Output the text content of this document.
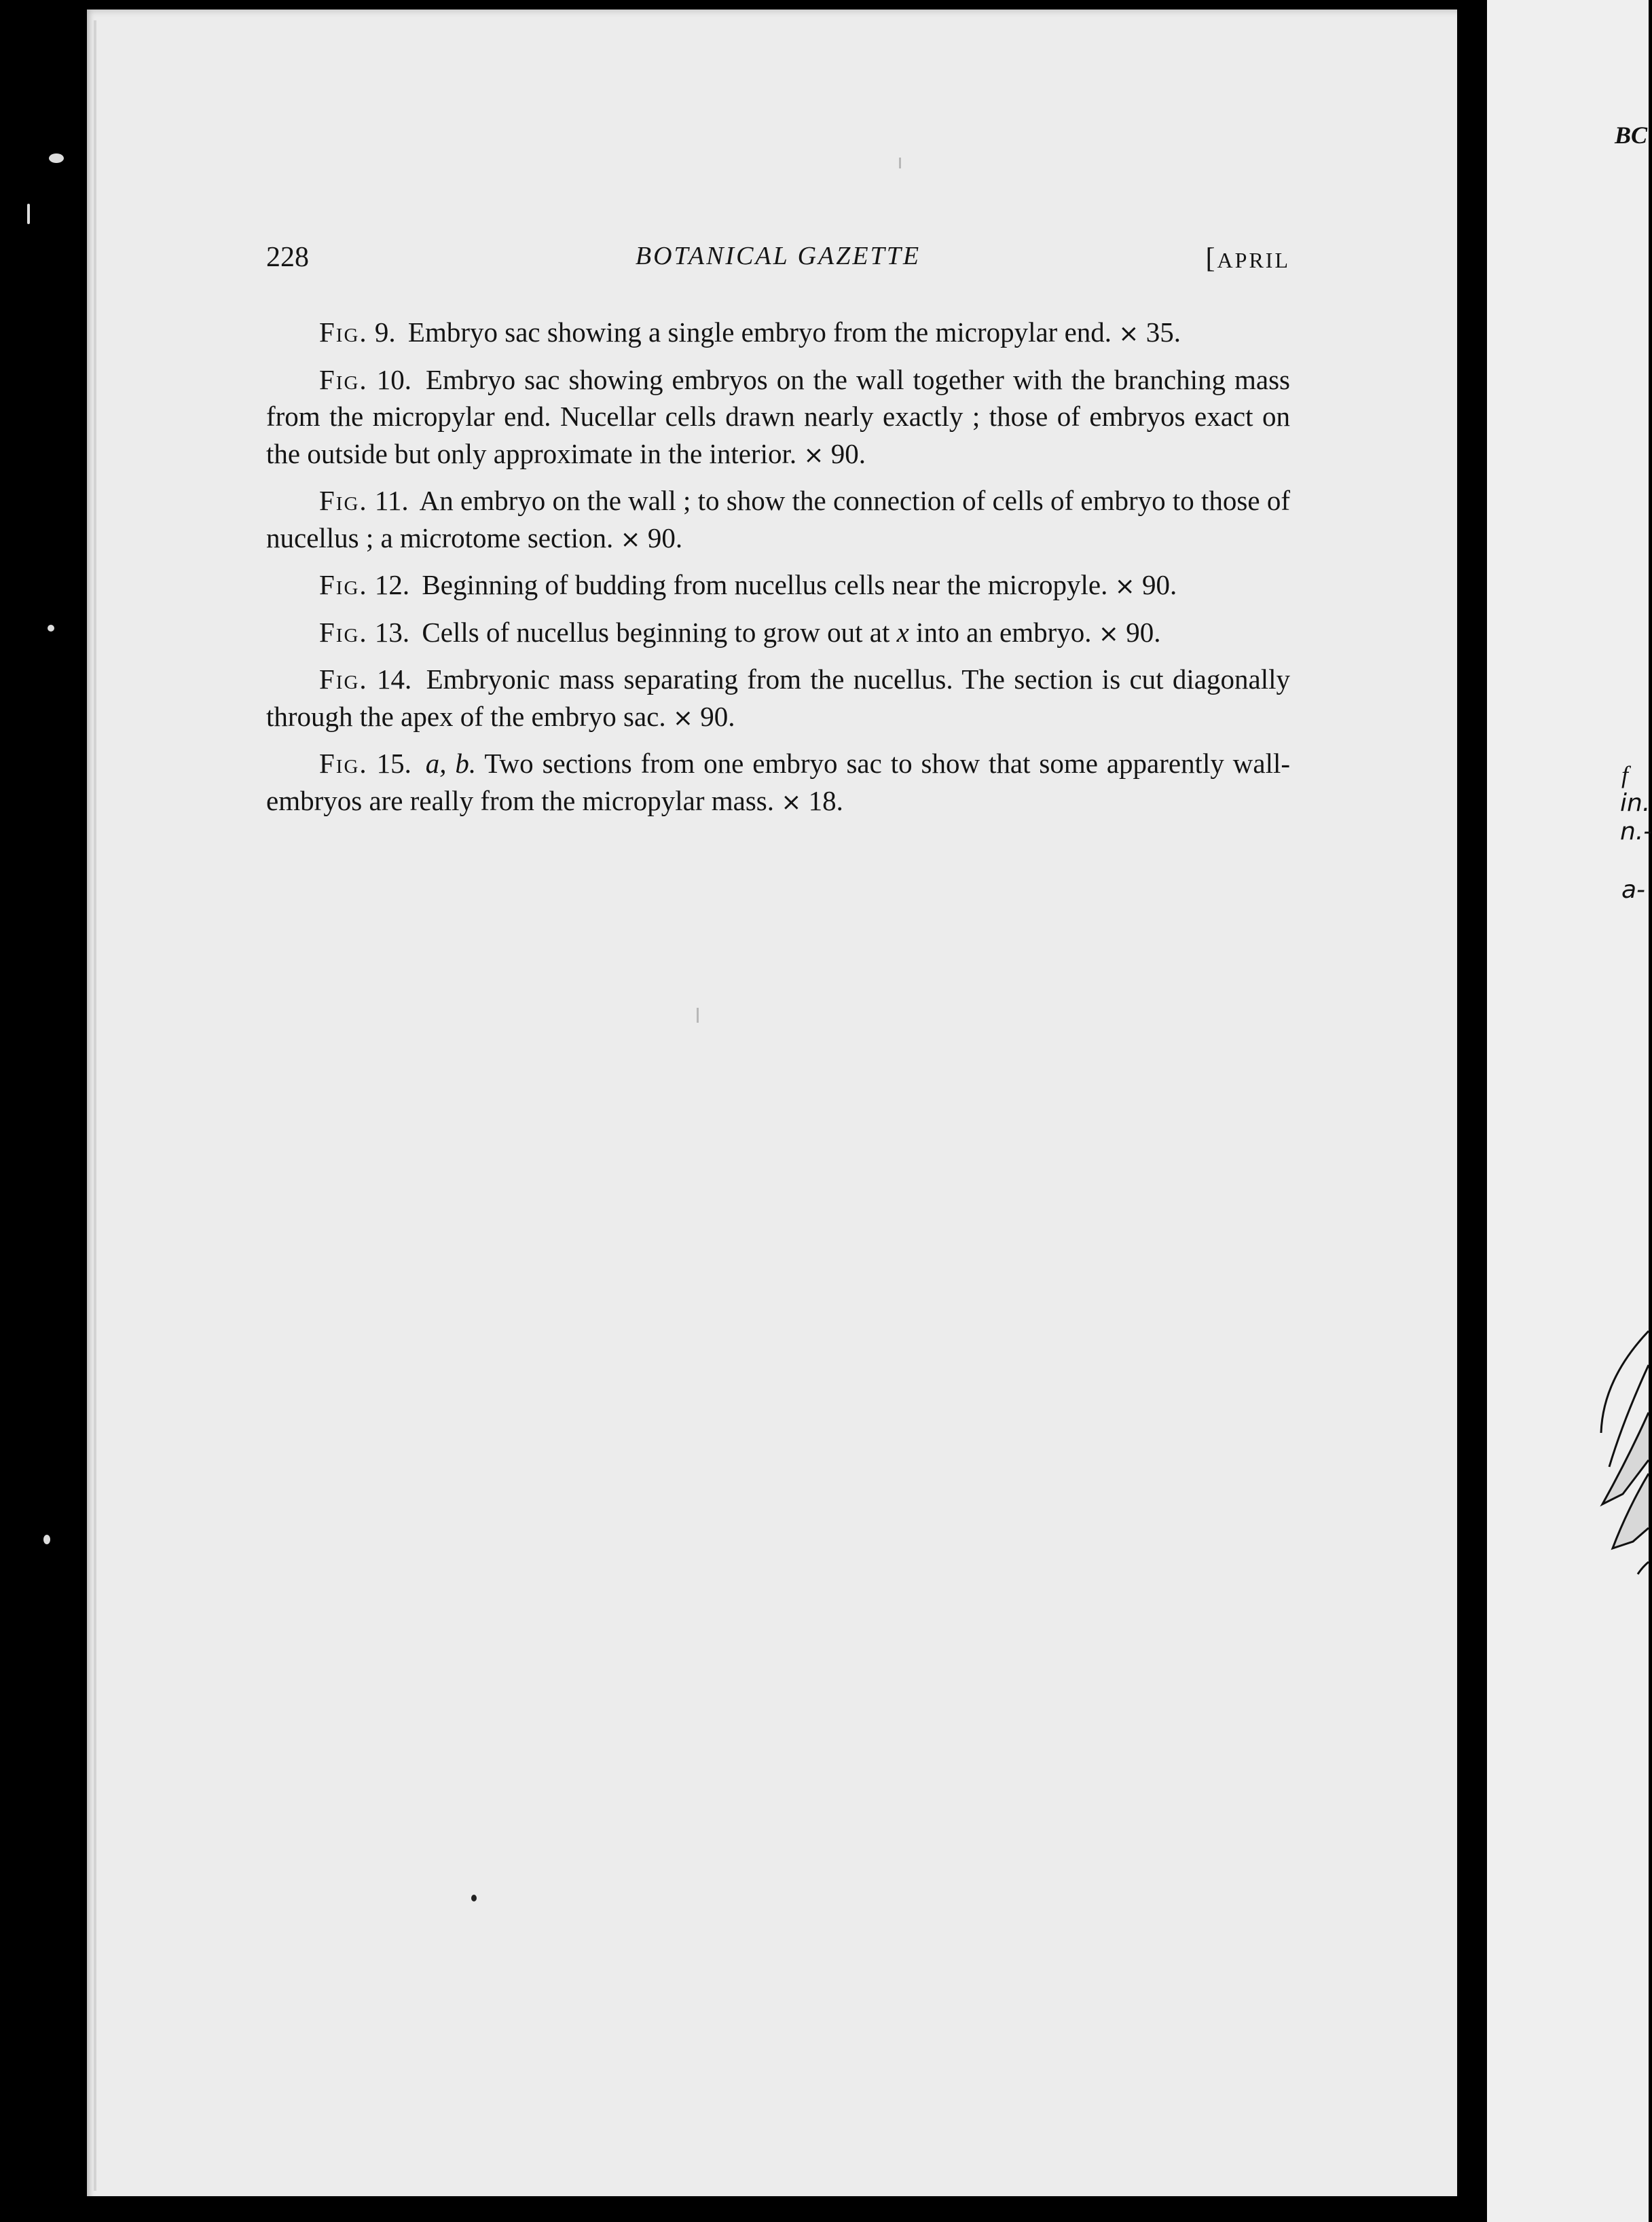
BC
f
in.
n.-
a-
228	BOTANICAL GAZETTE	[APRIL

Fig. 9. Embryo sac showing a single embryo from the micropylar end. × 35.

Fig. 10. Embryo sac showing embryos on the wall together with the branching mass from the micropylar end. Nucellar cells drawn nearly exactly ; those of embryos exact on the outside but only approximate in the interior. × 90.

Fig. 11. An embryo on the wall ; to show the connection of cells of embryo to those of nucellus ; a microtome section. × 90.

Fig. 12. Beginning of budding from nucellus cells near the micropyle. × 90.

Fig. 13. Cells of nucellus beginning to grow out at x into an embryo. × 90.

Fig. 14. Embryonic mass separating from the nucellus. The section is cut diagonally through the apex of the embryo sac. × 90.

Fig. 15. a, b. Two sections from one embryo sac to show that some apparently wall-embryos are really from the micropylar mass. × 18.
